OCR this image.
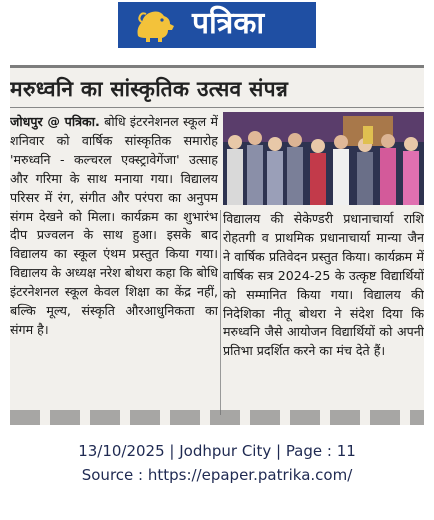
पत्रिका
मरुध्वनि का सांस्कृतिक उत्सव संपन्न

जोधपुर @ पत्रिका. बोधि इंटरनेशनल स्कूल में शनिवार को वार्षिक सांस्कृतिक समारोह 'मरुध्वनि - कल्चरल एक्स्ट्रावेगेंजा' उत्साह और गरिमा के साथ मनाया गया। विद्यालय परिसर में रंग, संगीत और परंपरा का अनुपम संगम देखने को मिला। कार्यक्रम का शुभारंभ दीप प्रज्वलन के साथ हुआ। इसके बाद विद्यालय का स्कूल एंथम प्रस्तुत किया गया। विद्यालय के अध्यक्ष नरेश बोथरा कहा कि बोधि इंटरनेशनल स्कूल केवल शिक्षा का केंद्र नहीं, बल्कि मूल्य, संस्कृति औरआधुनिकता का संगम है।

विद्यालय की सेकेण्डरी प्रधानाचार्या राशि रोहतगी व प्राथमिक प्रधानाचार्या मान्या जैन ने वार्षिक प्रतिवेदन प्रस्तुत किया। कार्यक्रम में वार्षिक सत्र 2024-25 के उत्कृष्ट विद्यार्थियों को सम्मानित किया गया। विद्यालय की निदेशिका नीतू बोथरा ने संदेश दिया कि मरुध्वनि जैसे आयोजन विद्यार्थियों को अपनी प्रतिभा प्रदर्शित करने का मंच देते हैं।

13/10/2025 | Jodhpur City | Page : 11
Source : https://epaper.patrika.com/
